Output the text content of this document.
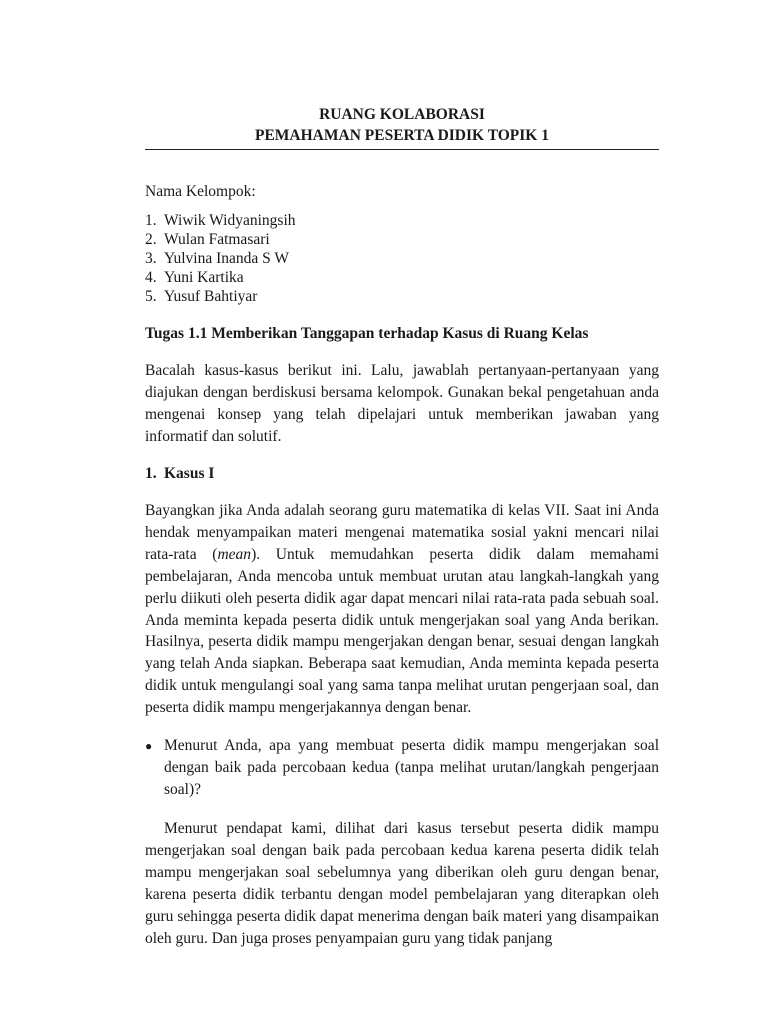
RUANG KOLABORASI
PEMAHAMAN PESERTA DIDIK TOPIK 1
Nama Kelompok:
1. Wiwik Widyaningsih
2. Wulan Fatmasari
3. Yulvina Inanda S W
4. Yuni Kartika
5. Yusuf Bahtiyar
Tugas 1.1 Memberikan Tanggapan terhadap Kasus di Ruang Kelas

Bacalah kasus-kasus berikut ini. Lalu, jawablah pertanyaan-pertanyaan yang diajukan dengan berdiskusi bersama kelompok. Gunakan bekal pengetahuan anda mengenai konsep yang telah dipelajari untuk memberikan jawaban yang informatif dan solutif.

1. Kasus I

Bayangkan jika Anda adalah seorang guru matematika di kelas VII. Saat ini Anda hendak menyampaikan materi mengenai matematika sosial yakni mencari nilai rata-rata (mean). Untuk memudahkan peserta didik dalam memahami pembelajaran, Anda mencoba untuk membuat urutan atau langkah-langkah yang perlu diikuti oleh peserta didik agar dapat mencari nilai rata-rata pada sebuah soal. Anda meminta kepada peserta didik untuk mengerjakan soal yang Anda berikan. Hasilnya, peserta didik mampu mengerjakan dengan benar, sesuai dengan langkah yang telah Anda siapkan. Beberapa saat kemudian, Anda meminta kepada peserta didik untuk mengulangi soal yang sama tanpa melihat urutan pengerjaan soal, dan peserta didik mampu mengerjakannya dengan benar.

● Menurut Anda, apa yang membuat peserta didik mampu mengerjakan soal dengan baik pada percobaan kedua (tanpa melihat urutan/langkah pengerjaan soal)?

Menurut pendapat kami, dilihat dari kasus tersebut peserta didik mampu mengerjakan soal dengan baik pada percobaan kedua karena peserta didik telah mampu mengerjakan soal sebelumnya yang diberikan oleh guru dengan benar, karena peserta didik terbantu dengan model pembelajaran yang diterapkan oleh guru sehingga peserta didik dapat menerima dengan baik materi yang disampaikan oleh guru. Dan juga proses penyampaian guru yang tidak panjang
